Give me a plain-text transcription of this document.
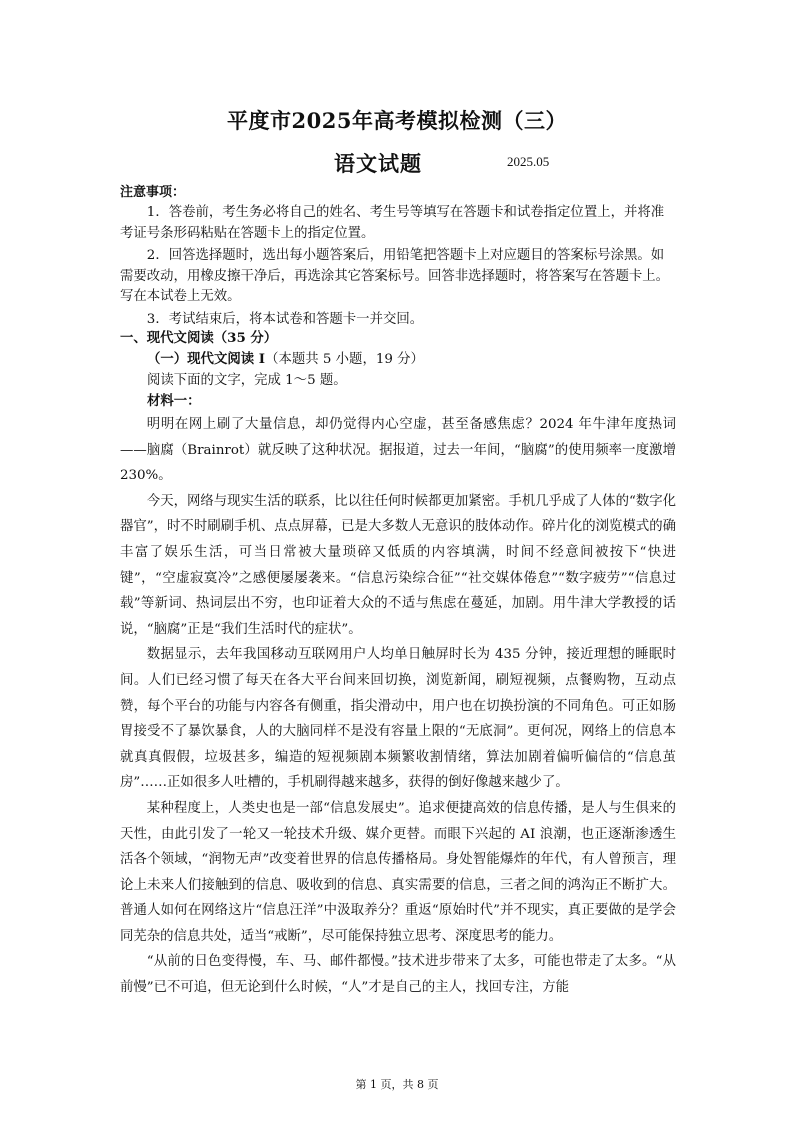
平度市2025年高考模拟检测（三）
语文试题	2025.05
注意事项：

1．答卷前，考生务必将自己的姓名、考生号等填写在答题卡和试卷指定位置上，并将准考证号条形码粘贴在答题卡上的指定位置。

2．回答选择题时，选出每小题答案后，用铅笔把答题卡上对应题目的答案标号涂黑。如需要改动，用橡皮擦干净后，再选涂其它答案标号。回答非选择题时，将答案写在答题卡上。写在本试卷上无效。

3．考试结束后，将本试卷和答题卡一并交回。

一、现代文阅读（35 分）
（一）现代文阅读 I（本题共 5 小题，19 分）
阅读下面的文字，完成 1～5 题。
材料一：

明明在网上刷了大量信息，却仍觉得内心空虚，甚至备感焦虑？2024 年牛津年度热词——脑腐（Brainrot）就反映了这种状况。据报道，过去一年间，“脑腐”的使用频率一度激增 230%。

今天，网络与现实生活的联系，比以往任何时候都更加紧密。手机几乎成了人体的“数字化器官”，时不时刷刷手机、点点屏幕，已是大多数人无意识的肢体动作。碎片化的浏览模式的确丰富了娱乐生活，可当日常被大量琐碎又低质的内容填满，时间不经意间被按下“快进键”，“空虚寂寞冷”之感便屡屡袭来。“信息污染综合征”“社交媒体倦怠”“数字疲劳”“信息过载”等新词、热词层出不穷，也印证着大众的不适与焦虑在蔓延，加剧。用牛津大学教授的话说，“脑腐”正是“我们生活时代的症状”。

数据显示，去年我国移动互联网用户人均单日触屏时长为 435 分钟，接近理想的睡眠时间。人们已经习惯了每天在各大平台间来回切换，浏览新闻，刷短视频，点餐购物，互动点赞，每个平台的功能与内容各有侧重，指尖滑动中，用户也在切换扮演的不同角色。可正如肠胃接受不了暴饮暴食，人的大脑同样不是没有容量上限的“无底洞”。更何况，网络上的信息本就真真假假，垃圾甚多，编造的短视频剧本频繁收割情绪，算法加剧着偏听偏信的“信息茧房”……正如很多人吐槽的，手机刷得越来越多，获得的倒好像越来越少了。

某种程度上，人类史也是一部“信息发展史”。追求便捷高效的信息传播，是人与生俱来的天性，由此引发了一轮又一轮技术升级、媒介更替。而眼下兴起的 AI 浪潮，也正逐渐渗透生活各个领域，“润物无声”改变着世界的信息传播格局。身处智能爆炸的年代，有人曾预言，理论上未来人们接触到的信息、吸收到的信息、真实需要的信息，三者之间的鸿沟正不断扩大。普通人如何在网络这片“信息汪洋”中汲取养分？重返“原始时代”并不现实，真正要做的是学会同芜杂的信息共处，适当“戒断”，尽可能保持独立思考、深度思考的能力。

“从前的日色变得慢，车、马、邮件都慢。”技术进步带来了太多，可能也带走了太多。“从前慢”已不可追，但无论到什么时候，“人”才是自己的主人，找回专注，方能

第 1 页，共 8 页
